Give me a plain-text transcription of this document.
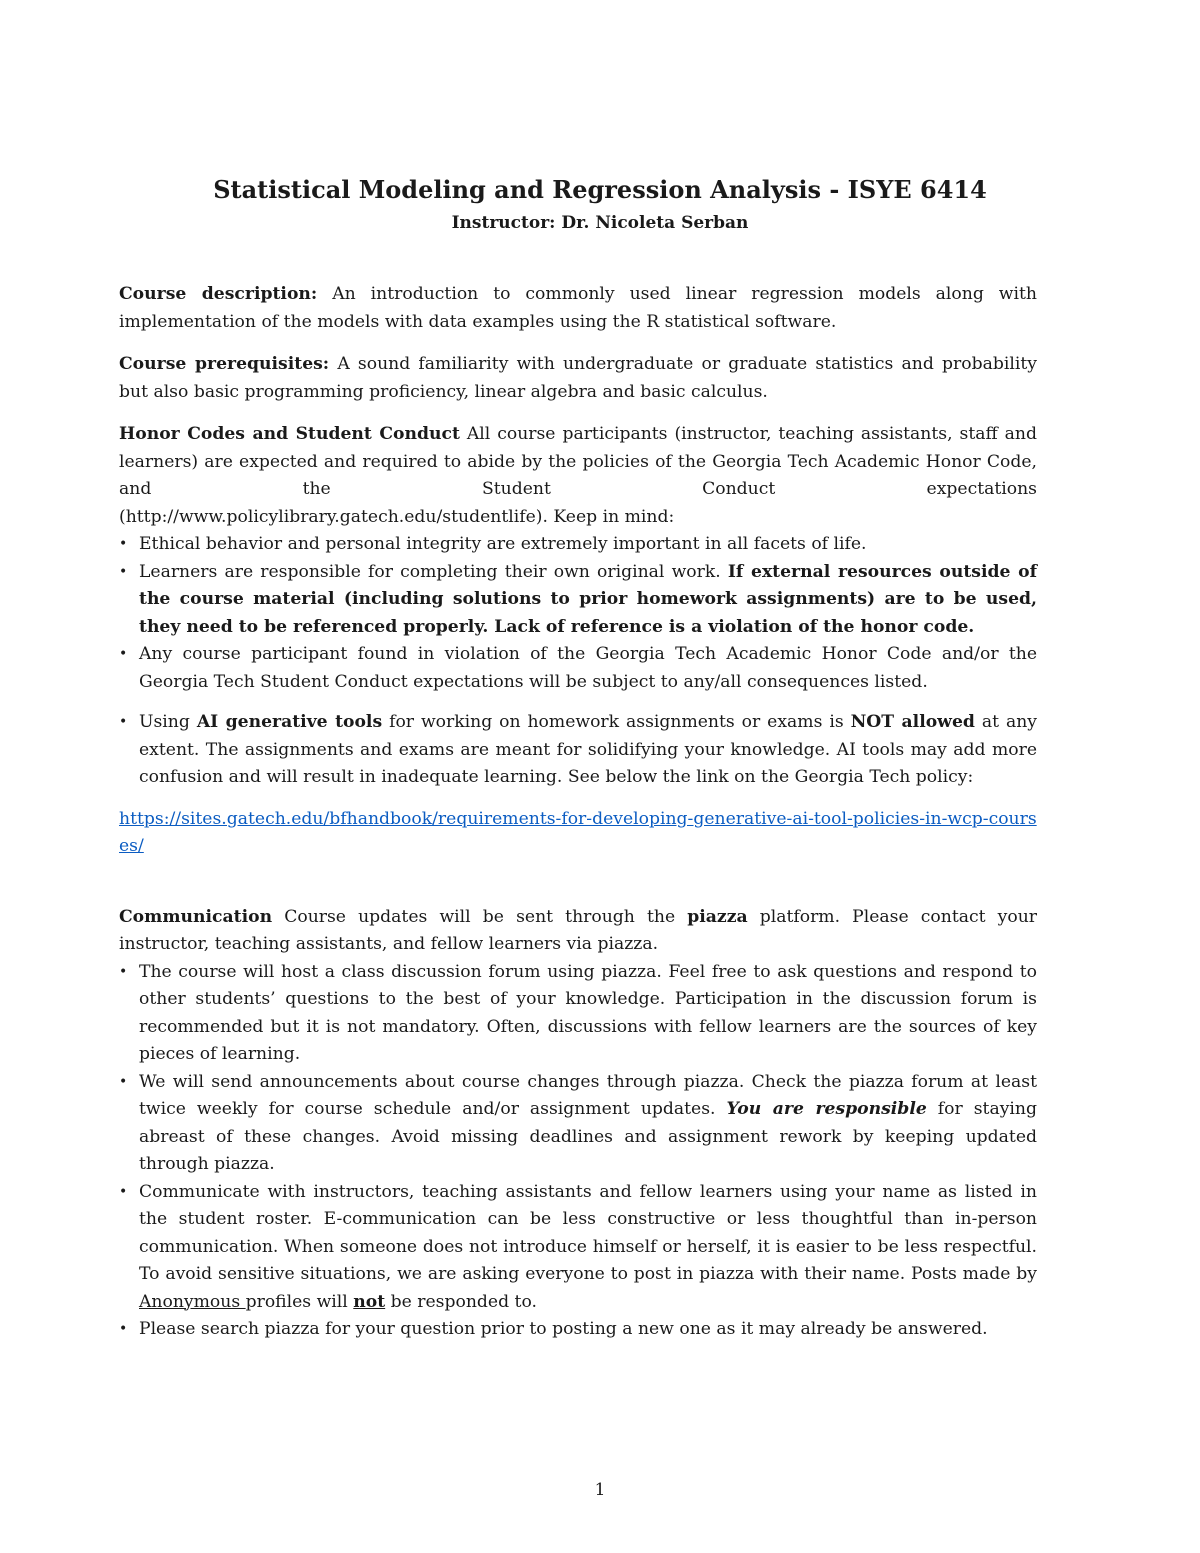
Statistical Modeling and Regression Analysis - ISYE 6414
Instructor: Dr. Nicoleta Serban

Course description: An introduction to commonly used linear regression models along with implementation of the models with data examples using the R statistical software.

Course prerequisites: A sound familiarity with undergraduate or graduate statistics and probability but also basic programming proficiency, linear algebra and basic calculus.

Honor Codes and Student Conduct All course participants (instructor, teaching assistants, staff and learners) are expected and required to abide by the policies of the Georgia Tech Academic Honor Code, and the Student Conduct expectations

(http://www.policylibrary.gatech.edu/studentlife). Keep in mind:

• Ethical behavior and personal integrity are extremely important in all facets of life.
• Learners are responsible for completing their own original work. If external resources outside of the course material (including solutions to prior homework assignments) are to be used, they need to be referenced properly. Lack of reference is a violation of the honor code.
• Any course participant found in violation of the Georgia Tech Academic Honor Code and/or the Georgia Tech Student Conduct expectations will be subject to any/all consequences listed.
• Using AI generative tools for working on homework assignments or exams is NOT allowed at any extent. The assignments and exams are meant for solidifying your knowledge. AI tools may add more confusion and will result in inadequate learning. See below the link on the Georgia Tech policy:

https://sites.gatech.edu/bfhandbook/requirements-for-developing-generative-ai-tool-policies-in-wcp-courses/

Communication Course updates will be sent through the piazza platform. Please contact your instructor, teaching assistants, and fellow learners via piazza.

• The course will host a class discussion forum using piazza. Feel free to ask questions and respond to other students’ questions to the best of your knowledge. Participation in the discussion forum is recommended but it is not mandatory. Often, discussions with fellow learners are the sources of key pieces of learning.
• We will send announcements about course changes through piazza. Check the piazza forum at least twice weekly for course schedule and/or assignment updates. You are responsible for staying abreast of these changes. Avoid missing deadlines and assignment rework by keeping updated through piazza.
• Communicate with instructors, teaching assistants and fellow learners using your name as listed in the student roster. E-communication can be less constructive or less thoughtful than in-person communication. When someone does not introduce himself or herself, it is easier to be less respectful. To avoid sensitive situations, we are asking everyone to post in piazza with their name. Posts made by Anonymous profiles will not be responded to.
• Please search piazza for your question prior to posting a new one as it may already be answered.
1
